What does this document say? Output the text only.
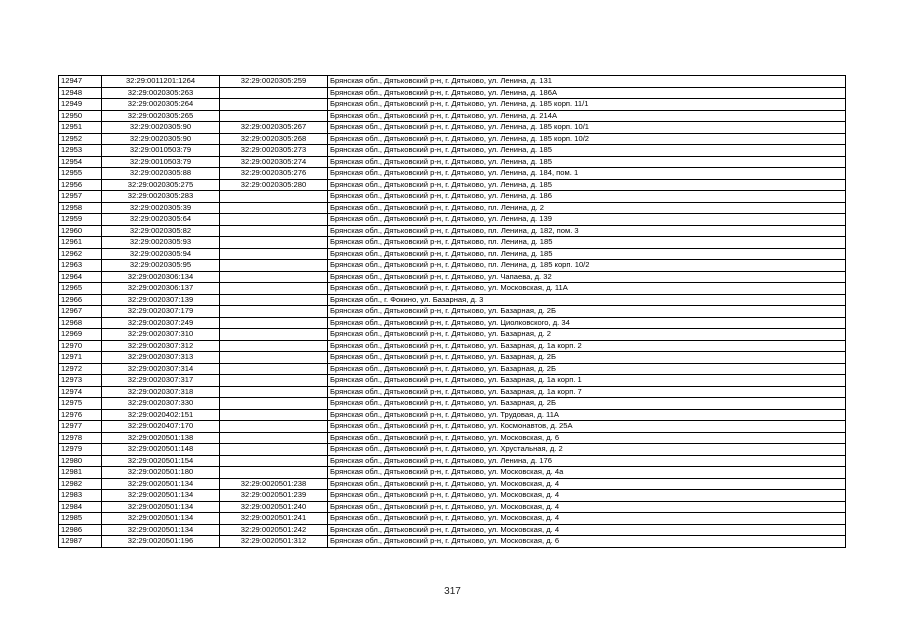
12947	32:29:0011201:1264	32:29:0020305:259	Брянская обл., Дятьковский р-н, г. Дятьково, ул. Ленина, д. 131
12948	32:29:0020305:263		Брянская обл., Дятьковский р-н, г. Дятьково, ул. Ленина, д. 186А
12949	32:29:0020305:264		Брянская обл., Дятьковский р-н, г. Дятьково, ул. Ленина, д. 185 корп. 11/1
12950	32:29:0020305:265		Брянская обл., Дятьковский р-н, г. Дятьково, ул. Ленина, д. 214А
12951	32:29:0020305:90	32:29:0020305:267	Брянская обл., Дятьковский р-н, г. Дятьково, ул. Ленина, д. 185 корп. 10/1
12952	32:29:0020305:90	32:29:0020305:268	Брянская обл., Дятьковский р-н, г. Дятьково, ул. Ленина, д. 185 корп. 10/2
12953	32:29:0010503:79	32:29:0020305:273	Брянская обл., Дятьковский р-н, г. Дятьково, ул. Ленина, д. 185
12954	32:29:0010503:79	32:29:0020305:274	Брянская обл., Дятьковский р-н, г. Дятьково, ул. Ленина, д. 185
12955	32:29:0020305:88	32:29:0020305:276	Брянская обл., Дятьковский р-н, г. Дятьково, ул. Ленина, д. 184, пом. 1
12956	32:29:0020305:275	32:29:0020305:280	Брянская обл., Дятьковский р-н, г. Дятьково, ул. Ленина, д. 185
12957	32:29:0020305:283		Брянская обл., Дятьковский р-н, г. Дятьково, ул. Ленина, д. 186
12958	32:29:0020305:39		Брянская обл., Дятьковский р-н, г. Дятьково, пл. Ленина, д. 2
12959	32:29:0020305:64		Брянская обл., Дятьковский р-н, г. Дятьково, ул. Ленина, д. 139
12960	32:29:0020305:82		Брянская обл., Дятьковский р-н, г. Дятьково, пл. Ленина, д. 182, пом. 3
12961	32:29:0020305:93		Брянская обл., Дятьковский р-н, г. Дятьково, пл. Ленина, д. 185
12962	32:29:0020305:94		Брянская обл., Дятьковский р-н, г. Дятьково, пл. Ленина, д. 185
12963	32:29:0020305:95		Брянская обл., Дятьковский р-н, г. Дятьково, пл. Ленина, д. 185 корп. 10/2
12964	32:29:0020306:134		Брянская обл., Дятьковский р-н, г. Дятьково, ул. Чапаева, д. 32
12965	32:29:0020306:137		Брянская обл., Дятьковский р-н, г. Дятьково, ул. Московская, д. 11А
12966	32:29:0020307:139		Брянская обл., г. Фокино, ул. Базарная, д. 3
12967	32:29:0020307:179		Брянская обл., Дятьковский р-н, г. Дятьково, ул. Базарная, д. 2Б
12968	32:29:0020307:249		Брянская обл., Дятьковский р-н, г. Дятьково, ул. Циолковского, д. 34
12969	32:29:0020307:310		Брянская обл., Дятьковский р-н, г. Дятьково, ул. Базарная, д. 2
12970	32:29:0020307:312		Брянская обл., Дятьковский р-н, г. Дятьково, ул. Базарная, д. 1а корп. 2
12971	32:29:0020307:313		Брянская обл., Дятьковский р-н, г. Дятьково, ул. Базарная, д. 2Б
12972	32:29:0020307:314		Брянская обл., Дятьковский р-н, г. Дятьково, ул. Базарная, д. 2Б
12973	32:29:0020307:317		Брянская обл., Дятьковский р-н, г. Дятьково, ул. Базарная, д. 1а корп. 1
12974	32:29:0020307:318		Брянская обл., Дятьковский р-н, г. Дятьково, ул. Базарная, д. 1а корп. 7
12975	32:29:0020307:330		Брянская обл., Дятьковский р-н, г. Дятьково, ул. Базарная, д. 2Б
12976	32:29:0020402:151		Брянская обл., Дятьковский р-н, г. Дятьково, ул. Трудовая, д. 11А
12977	32:29:0020407:170		Брянская обл., Дятьковский р-н, г. Дятьково, ул. Космонавтов, д. 25А
12978	32:29:0020501:138		Брянская обл., Дятьковский р-н, г. Дятьково, ул. Московская, д. 6
12979	32:29:0020501:148		Брянская обл., Дятьковский р-н, г. Дятьково, ул. Хрустальная, д. 2
12980	32:29:0020501:154		Брянская обл., Дятьковский р-н, г. Дятьково, ул. Ленина, д. 176
12981	32:29:0020501:180		Брянская обл., Дятьковский р-н, г. Дятьково, ул. Московская, д. 4а
12982	32:29:0020501:134	32:29:0020501:238	Брянская обл., Дятьковский р-н, г. Дятьково, ул. Московская, д. 4
12983	32:29:0020501:134	32:29:0020501:239	Брянская обл., Дятьковский р-н, г. Дятьково, ул. Московская, д. 4
12984	32:29:0020501:134	32:29:0020501:240	Брянская обл., Дятьковский р-н, г. Дятьково, ул. Московская, д. 4
12985	32:29:0020501:134	32:29:0020501:241	Брянская обл., Дятьковский р-н, г. Дятьково, ул. Московская, д. 4
12986	32:29:0020501:134	32:29:0020501:242	Брянская обл., Дятьковский р-н, г. Дятьково, ул. Московская, д. 4
12987	32:29:0020501:196	32:29:0020501:312	Брянская обл., Дятьковский р-н, г. Дятьково, ул. Московская, д. 6
317
